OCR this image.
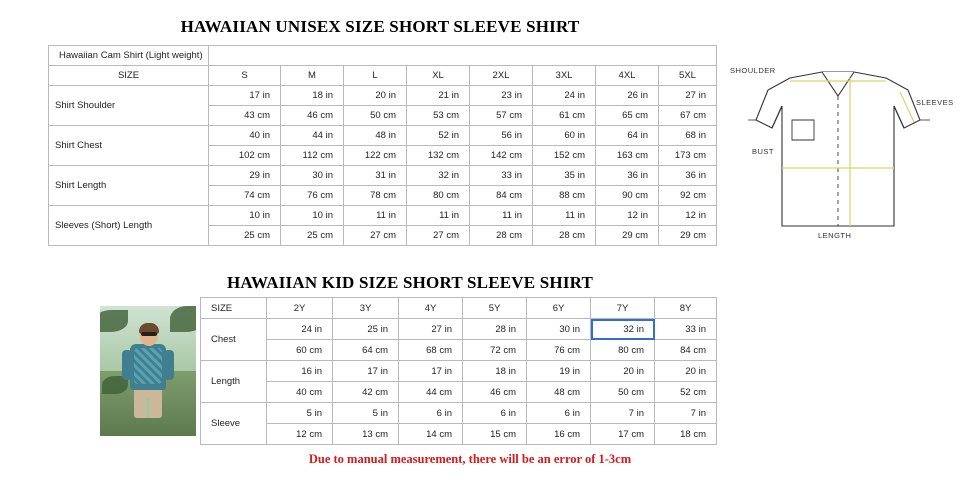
HAWAIIAN UNISEX SIZE SHORT SLEEVE SHIRT
Hawaiian Cam Shirt (Light weight)								
SIZE	S	M	L	XL	2XL	3XL	4XL	5XL
Shirt Shoulder	17 in	18 in	20 in	21 in	23 in	24 in	26 in	27 in
	43 cm	46 cm	50 cm	53 cm	57 cm	61 cm	65 cm	67 cm
Shirt Chest	40 in	44 in	48 in	52 in	56 in	60 in	64 in	68 in
	102 cm	112 cm	122 cm	132 cm	142 cm	152 cm	163 cm	173 cm
Shirt Length	29 in	30 in	31 in	32 in	33 in	35 in	36 in	36 in
	74 cm	76 cm	78 cm	80 cm	84 cm	88 cm	90 cm	92 cm
Sleeves (Short) Length	10 in	10 in	11 in	11 in	11 in	11 in	12 in	12 in
	25 cm	25 cm	27 cm	27 cm	28 cm	28 cm	29 cm	29 cm
SHOULDER
SLEEVES
BUST
LENGTH
HAWAIIAN KID SIZE SHORT SLEEVE SHIRT
SIZE	2Y	3Y	4Y	5Y	6Y	7Y	8Y
Chest	24 in	25 in	27 in	28 in	30 in	32 in	33 in
	60 cm	64 cm	68 cm	72 cm	76 cm	80 cm	84 cm
Length	16 in	17 in	17 in	18 in	19 in	20 in	20 in
	40 cm	42 cm	44 cm	46 cm	48 cm	50 cm	52 cm
Sleeve	5 in	5 in	6 in	6 in	6 in	7 in	7 in
	12 cm	13 cm	14 cm	15 cm	16 cm	17 cm	18 cm
Due to manual measurement, there will be an error of 1-3cm
